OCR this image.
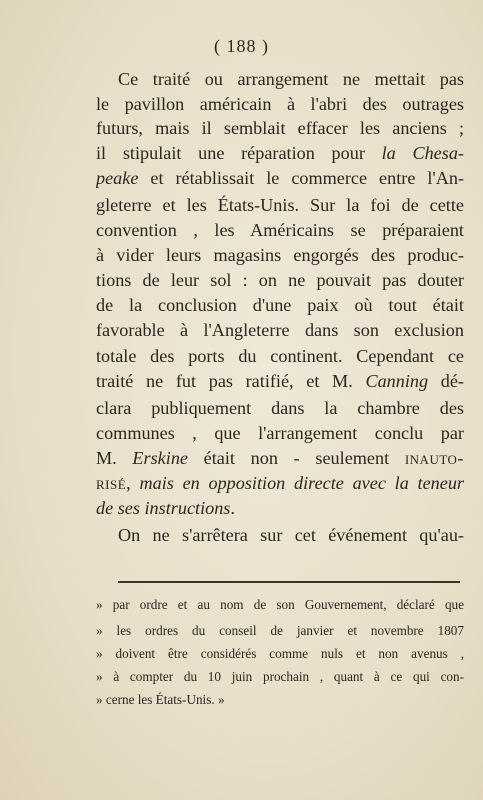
( 188 )
Ce traité ou arrangement ne mettait pas
le pavillon américain à l'abri des outrages
futurs, mais il semblait effacer les anciens ;
il stipulait une réparation pour la Chesa-
peake et rétablissait le commerce entre l'An-
gleterre et les États-Unis. Sur la foi de cette
convention , les Américains se préparaient
à vider leurs magasins engorgés des produc-
tions de leur sol : on ne pouvait pas douter
de la conclusion d'une paix où tout était
favorable à l'Angleterre dans son exclusion
totale des ports du continent. Cependant ce
traité ne fut pas ratifié, et M. Canning dé-
clara publiquement dans la chambre des
communes , que l'arrangement conclu par
M. Erskine était non - seulement inauto-
risé, mais en opposition directe avec la teneur
de ses instructions.
On ne s'arrêtera sur cet événement qu'au-
» par ordre et au nom de son Gouvernement, déclaré que
» les ordres du conseil de janvier et novembre 1807
» doivent être considérés comme nuls et non avenus ,
» à compter du 10 juin prochain , quant à ce qui con-
» cerne les États-Unis. »
